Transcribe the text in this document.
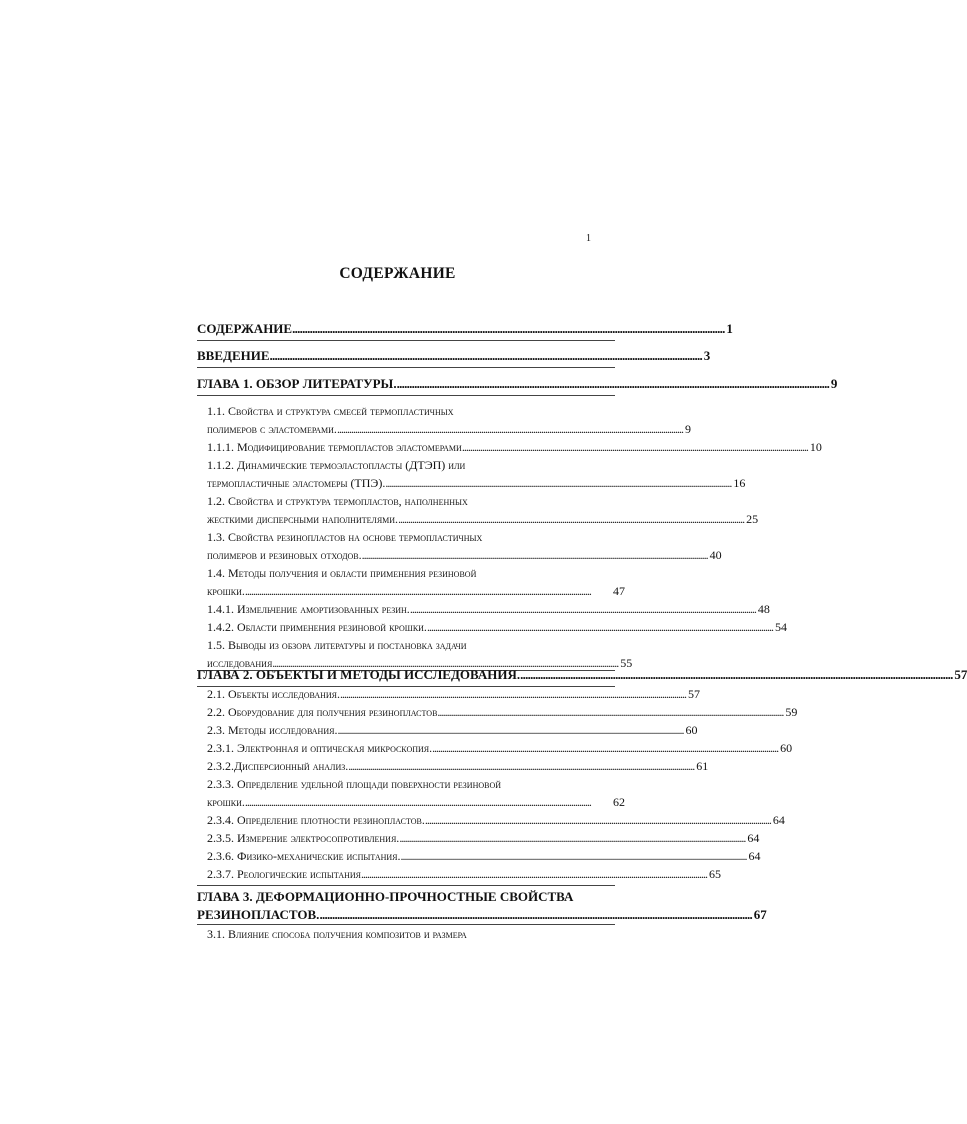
1
СОДЕРЖАНИЕ
СОДЕРЖАНИЕ . . .	1
ВВЕДЕНИЕ . . .	3
ГЛАВА 1. ОБЗОР ЛИТЕРАТУРЫ. . . .	9
1.1. Свойства и структура смесей термопластичных
полимеров с эластомерами. . . .	9
1.1.1. Модифицирование термопластов эластомерами . . .	10
1.1.2. Динамические термоэластопласты (ДТЭП) или
термопластичные эластомеры (ТПЭ). . . .	16
1.2. Свойства и структура термопластов, наполненных
жесткими дисперсными наполнителями. . . .	25
1.3. Свойства резинопластов на основе термопластичных
полимеров и резиновых отходов. . . .	40
1.4. Методы получения и области применения резиновой
крошки. . . .	47
1.4.1. Измельчение амортизованных резин. . . .	48
1.4.2. Области применения резиновой крошки. . . .	54
1.5. Выводы из обзора литературы и постановка задачи
исследования . . .	55
ГЛАВА 2. ОБЪЕКТЫ И МЕТОДЫ ИССЛЕДОВАНИЯ. . . .	57
2.1. Объекты исследования. . . .	57
2.2. Оборудование для получения резинопластов . . .	59
2.3. Методы исследования. . . .	60
2.3.1. Электронная и оптическая микроскопия. . . .	60
2.3.2.Дисперсионный анализ. . . .	61
2.3.3. Определение удельной площади поверхности резиновой
крошки. . . .	62
2.3.4. Определение плотности резинопластов. . . .	64
2.3.5. Измерение электросопротивления. . . .	64
2.3.6. Физико-механические испытания. . . .	64
2.3.7. Реологические испытания . . .	65
ГЛАВА 3. ДЕФОРМАЦИОННО-ПРОЧНОСТНЫЕ СВОЙСТВА
РЕЗИНОПЛАСТОВ. . . .	67
3.1. Влияние способа получения композитов и размера
